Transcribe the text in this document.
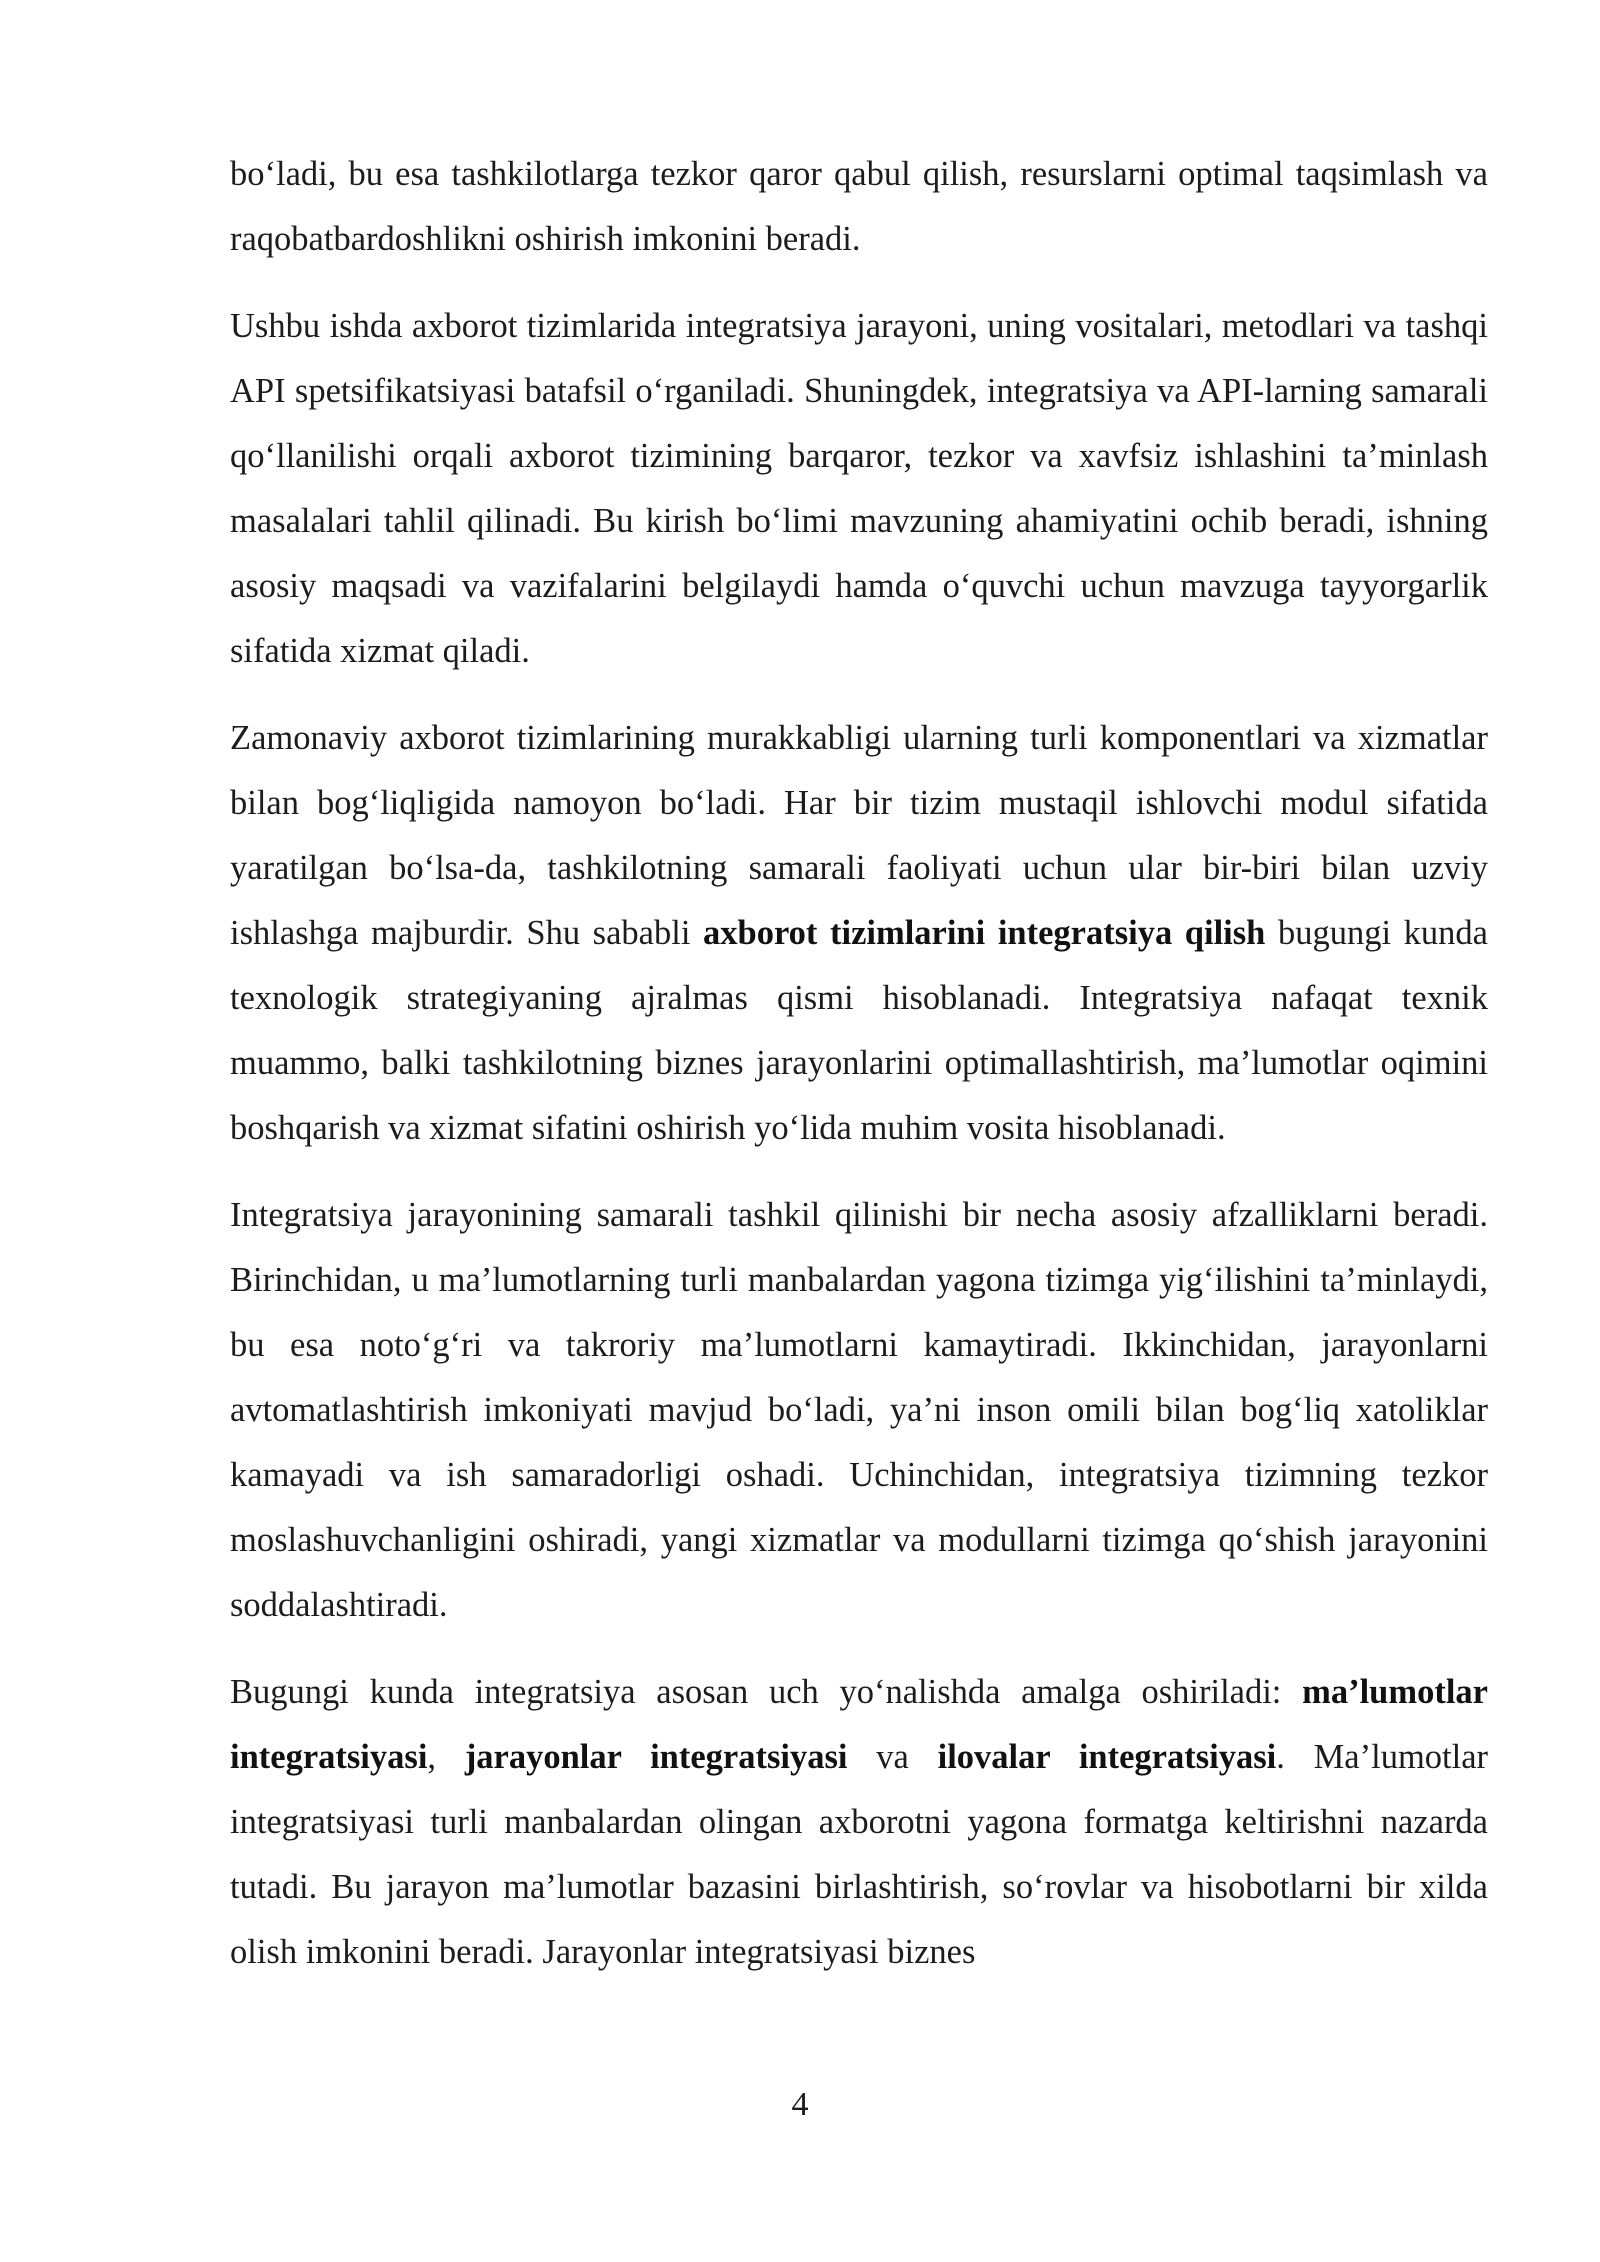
bo‘ladi, bu esa tashkilotlarga tezkor qaror qabul qilish, resurslarni optimal taqsimlash va raqobatbardoshlikni oshirish imkonini beradi.

Ushbu ishda axborot tizimlarida integratsiya jarayoni, uning vositalari, metodlari va tashqi API spetsifikatsiyasi batafsil o‘rganiladi. Shuningdek, integratsiya va API-larning samarali qo‘llanilishi orqali axborot tizimining barqaror, tezkor va xavfsiz ishlashini ta’minlash masalalari tahlil qilinadi. Bu kirish bo‘limi mavzuning ahamiyatini ochib beradi, ishning asosiy maqsadi va vazifalarini belgilaydi hamda o‘quvchi uchun mavzuga tayyorgarlik sifatida xizmat qiladi.

Zamonaviy axborot tizimlarining murakkabligi ularning turli komponentlari va xizmatlar bilan bog‘liqligida namoyon bo‘ladi. Har bir tizim mustaqil ishlovchi modul sifatida yaratilgan bo‘lsa-da, tashkilotning samarali faoliyati uchun ular bir-biri bilan uzviy ishlashga majburdir. Shu sababli axborot tizimlarini integratsiya qilish bugungi kunda texnologik strategiyaning ajralmas qismi hisoblanadi. Integratsiya nafaqat texnik muammo, balki tashkilotning biznes jarayonlarini optimallashtirish, ma’lumotlar oqimini boshqarish va xizmat sifatini oshirish yo‘lida muhim vosita hisoblanadi.

Integratsiya jarayonining samarali tashkil qilinishi bir necha asosiy afzalliklarni beradi. Birinchidan, u ma’lumotlarning turli manbalardan yagona tizimga yig‘ilishini ta’minlaydi, bu esa noto‘g‘ri va takroriy ma’lumotlarni kamaytiradi. Ikkinchidan, jarayonlarni avtomatlashtirish imkoniyati mavjud bo‘ladi, ya’ni inson omili bilan bog‘liq xatoliklar kamayadi va ish samaradorligi oshadi. Uchinchidan, integratsiya tizimning tezkor moslashuvchanligini oshiradi, yangi xizmatlar va modullarni tizimga qo‘shish jarayonini soddalashtiradi.

Bugungi kunda integratsiya asosan uch yo‘nalishda amalga oshiriladi: ma’lumotlar integratsiyasi, jarayonlar integratsiyasi va ilovalar integratsiyasi. Ma’lumotlar integratsiyasi turli manbalardan olingan axborotni yagona formatga keltirishni nazarda tutadi. Bu jarayon ma’lumotlar bazasini birlashtirish, so‘rovlar va hisobotlarni bir xilda olish imkonini beradi. Jarayonlar integratsiyasi biznes

4
